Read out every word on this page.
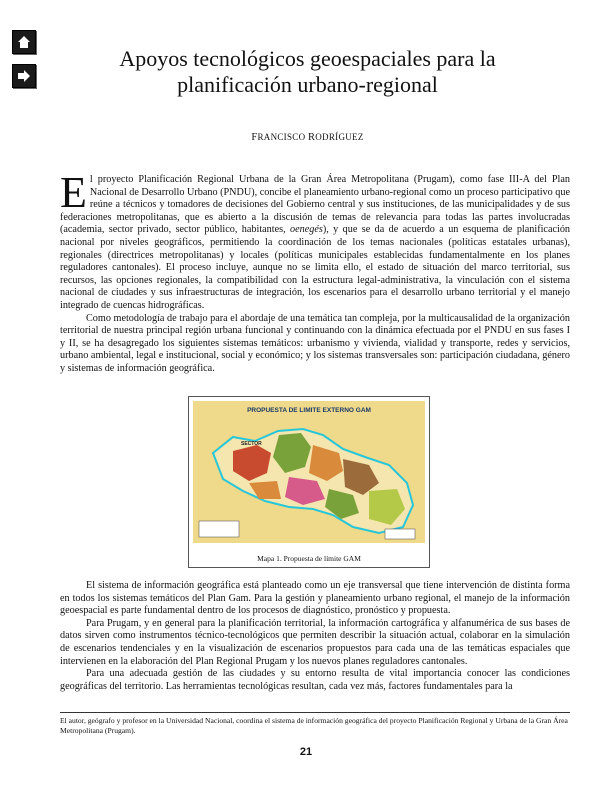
Apoyos tecnológicos geoespaciales para la
planificación urbano-regional
FRANCISCO RODRÍGUEZ

El proyecto Planificación Regional Urbana de la Gran Área Metropolitana (Prugam), como fase III-A del Plan Nacional de Desarrollo Urbano (PNDU), concibe el planeamiento urbano-regional como un proceso participativo que reúne a técnicos y tomadores de decisiones del Gobierno central y sus instituciones, de las municipalidades y de sus federaciones metropolitanas, que es abierto a la discusión de temas de relevancia para todas las partes involucradas (academia, sector privado, sector público, habitantes, oenegés), y que se da de acuerdo a un esquema de planificación nacional por niveles geográficos, permitiendo la coordinación de los temas nacionales (políticas estatales urbanas), regionales (directrices metropolitanas) y locales (políticas municipales establecidas fundamentalmente en los planes reguladores cantonales). El proceso incluye, aunque no se limita ello, el estado de situación del marco territorial, sus recursos, las opciones regionales, la compatibilidad con la estructura legal-administrativa, la vinculación con el sistema nacional de ciudades y sus infraestructuras de integración, los escenarios para el desarrollo urbano territorial y el manejo integrado de cuencas hidrográficas.

Como metodología de trabajo para el abordaje de una temática tan compleja, por la multicausalidad de la organización territorial de nuestra principal región urbana funcional y continuando con la dinámica efectuada por el PNDU en sus fases I y II, se ha desagregado los siguientes sistemas temáticos: urbanismo y vivienda, vialidad y transporte, redes y servicios, urbano ambiental, legal e institucional, social y económico; y los sistemas transversales son: participación ciudadana, género y sistemas de información geográfica.

PROPUESTA DE LIMITE EXTERNO GAM
SECTOR
Mapa 1. Propuesta de límite GAM

El sistema de información geográfica está planteado como un eje transversal que tiene intervención de distinta forma en todos los sistemas temáticos del Plan Gam. Para la gestión y planeamiento urbano regional, el manejo de la información geoespacial es parte fundamental dentro de los procesos de diagnóstico, pronóstico y propuesta.

Para Prugam, y en general para la planificación territorial, la información cartográfica y alfanumérica de sus bases de datos sirven como instrumentos técnico-tecnológicos que permiten describir la situación actual, colaborar en la simulación de escenarios tendenciales y en la visualización de escenarios propuestos para cada una de las temáticas espaciales que intervienen en la elaboración del Plan Regional Prugam y los nuevos planes reguladores cantonales.

Para una adecuada gestión de las ciudades y su entorno resulta de vital importancia conocer las condiciones geográficas del territorio. Las herramientas tecnológicas resultan, cada vez más, factores fundamentales para la

El autor, geógrafo y profesor en la Universidad Nacional, coordina el sistema de información geográfica del proyecto Planificación Regional y Urbana de la Gran Área Metropolitana (Prugam).

21
